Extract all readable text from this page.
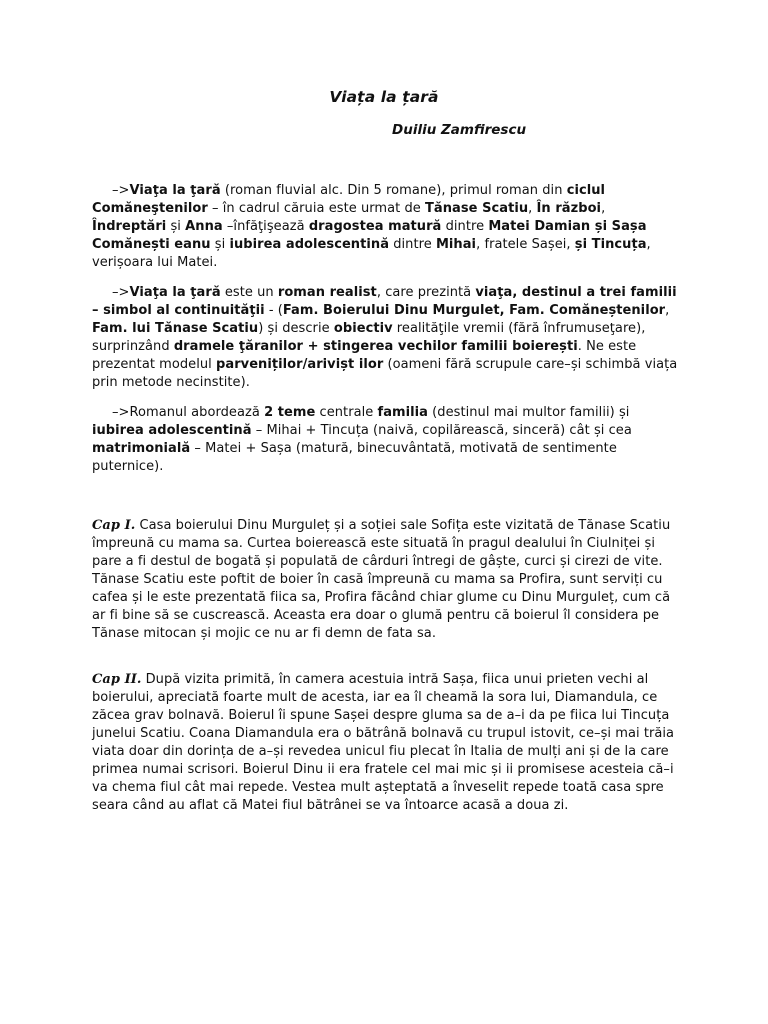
Viața la țară
Duiliu Zamfirescu

–>Viaţa la ţară (roman fluvial alc. Din 5 romane), primul roman din ciclul Comăneştenilor – în cadrul căruia este urmat de Tănase Scatiu, În război, Îndreptări și Anna –înfăţişează dragostea matură dintre Matei Damian și Sașa Comănești eanu și iubirea adolescentină dintre Mihai, fratele Sașei, și Tincuța, verișoara lui Matei.

–>Viaţa la ţară este un roman realist, care prezintă viaţa, destinul a trei familii – simbol al continuităţii - (Fam. Boierului Dinu Murgulet, Fam. Comăneștenilor, Fam. lui Tănase Scatiu) și descrie obiectiv realităţile vremii (fără înfrumuseţare), surprinzând dramele ţăranilor + stingerea vechilor familii boierești. Ne este prezentat modelul parveniților/arivișt ilor (oameni fără scrupule care–și schimbă viața prin metode necinstite).

–>Romanul abordează 2 teme centrale familia (destinul mai multor familii) și iubirea adolescentină – Mihai + Tincuța (naivă, copilărească, sinceră) cât și cea matrimonială – Matei + Sașa (matură, binecuvântată, motivată de sentimente puternice).

Cap I. Casa boierului Dinu Murguleț și a soției sale Sofița este vizitată de Tănase Scatiu împreună cu mama sa. Curtea boierească este situată în pragul dealului în Ciulniței și pare a fi destul de bogată și populată de cârduri întregi de gâște, curci și cirezi de vite. Tănase Scatiu este poftit de boier în casă împreună cu mama sa Profira, sunt serviți cu cafea și le este prezentată fiica sa, Profira făcând chiar glume cu Dinu Murguleț, cum că ar fi bine să se cuscrească. Aceasta era doar o glumă pentru că boierul îl considera pe Tănase mitocan și mojic ce nu ar fi demn de fata sa.

Cap II. După vizita primită, în camera acestuia intră Sașa, fiica unui prieten vechi al boierului, apreciată foarte mult de acesta, iar ea îl cheamă la sora lui, Diamandula, ce zăcea grav bolnavă. Boierul îi spune Sașei despre gluma sa de a–i da pe fiica lui Tincuța junelui Scatiu. Coana Diamandula era o bătrână bolnavă cu trupul istovit, ce–și mai trăia viata doar din dorința de a–și revedea unicul fiu plecat în Italia de mulți ani și de la care primea numai scrisori. Boierul Dinu ii era fratele cel mai mic și ii promisese acesteia că–i va chema fiul cât mai repede. Vestea mult așteptată a înveselit repede toată casa spre seara când au aflat că Matei fiul bătrânei se va întoarce acasă a doua zi.
